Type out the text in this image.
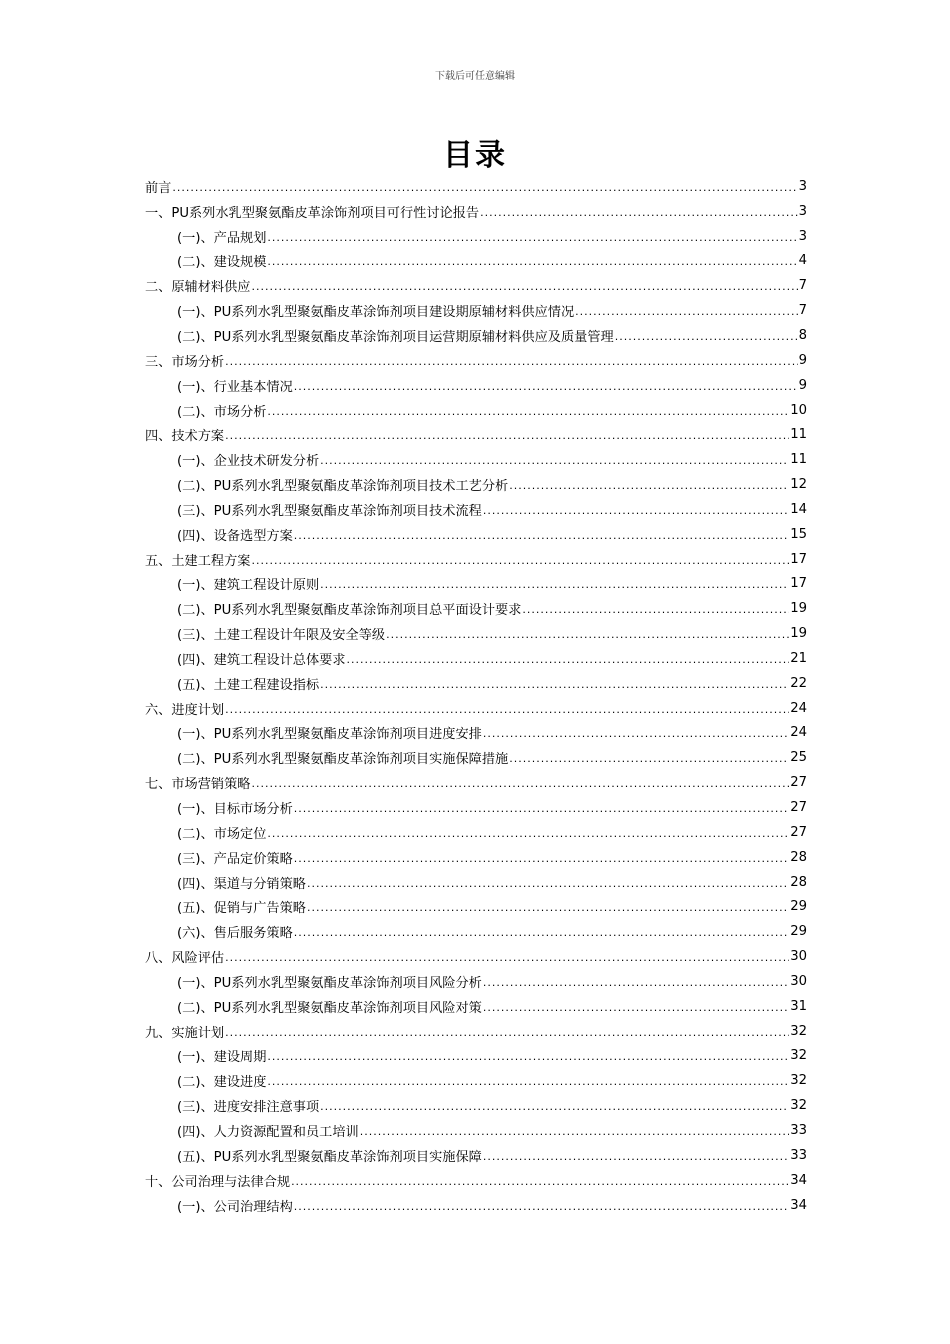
下载后可任意编辑
目录
前言 .....	3
一、PU系列水乳型聚氨酯皮革涂饰剂项目可行性讨论报告 .....	3
(一)、产品规划 .....	3
(二)、建设规模 .....	4
二、原辅材料供应 .....	7
(一)、PU系列水乳型聚氨酯皮革涂饰剂项目建设期原辅材料供应情况 .....	7
(二)、PU系列水乳型聚氨酯皮革涂饰剂项目运营期原辅材料供应及质量管理 .....	8
三、市场分析 .....	9
(一)、行业基本情况 .....	9
(二)、市场分析 .....	10
四、技术方案 .....	11
(一)、企业技术研发分析 .....	11
(二)、PU系列水乳型聚氨酯皮革涂饰剂项目技术工艺分析 .....	12
(三)、PU系列水乳型聚氨酯皮革涂饰剂项目技术流程 .....	14
(四)、设备选型方案 .....	15
五、土建工程方案 .....	17
(一)、建筑工程设计原则 .....	17
(二)、PU系列水乳型聚氨酯皮革涂饰剂项目总平面设计要求 .....	19
(三)、土建工程设计年限及安全等级 .....	19
(四)、建筑工程设计总体要求 .....	21
(五)、土建工程建设指标 .....	22
六、进度计划 .....	24
(一)、PU系列水乳型聚氨酯皮革涂饰剂项目进度安排 .....	24
(二)、PU系列水乳型聚氨酯皮革涂饰剂项目实施保障措施 .....	25
七、市场营销策略 .....	27
(一)、目标市场分析 .....	27
(二)、市场定位 .....	27
(三)、产品定价策略 .....	28
(四)、渠道与分销策略 .....	28
(五)、促销与广告策略 .....	29
(六)、售后服务策略 .....	29
八、风险评估 .....	30
(一)、PU系列水乳型聚氨酯皮革涂饰剂项目风险分析 .....	30
(二)、PU系列水乳型聚氨酯皮革涂饰剂项目风险对策 .....	31
九、实施计划 .....	32
(一)、建设周期 .....	32
(二)、建设进度 .....	32
(三)、进度安排注意事项 .....	32
(四)、人力资源配置和员工培训 .....	33
(五)、PU系列水乳型聚氨酯皮革涂饰剂项目实施保障 .....	33
十、公司治理与法律合规 .....	34
(一)、公司治理结构 .....	34
